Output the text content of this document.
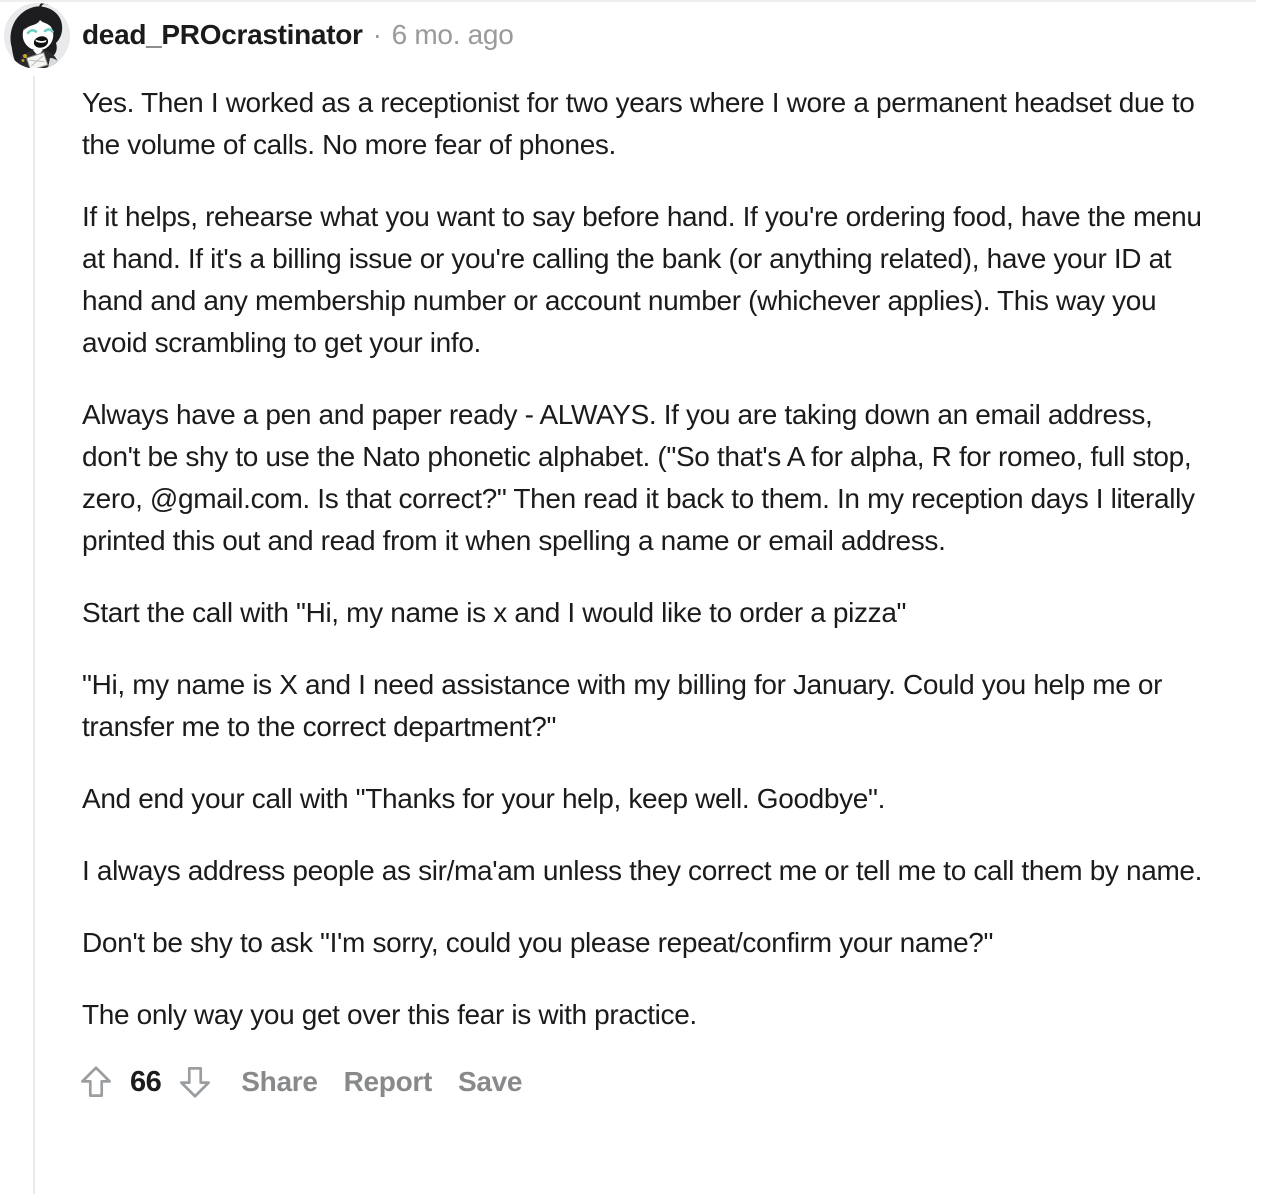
dead_PROcrastinator · 6 mo. ago

Yes. Then I worked as a receptionist for two years where I wore a permanent headset due to the volume of calls. No more fear of phones.

If it helps, rehearse what you want to say before hand. If you're ordering food, have the menu at hand. If it's a billing issue or you're calling the bank (or anything related), have your ID at hand and any membership number or account number (whichever applies). This way you avoid scrambling to get your info.

Always have a pen and paper ready - ALWAYS. If you are taking down an email address, don't be shy to use the Nato phonetic alphabet. ("So that's A for alpha, R for romeo, full stop, zero, @gmail.com. Is that correct?" Then read it back to them. In my reception days I literally printed this out and read from it when spelling a name or email address.

Start the call with "Hi, my name is x and I would like to order a pizza"

"Hi, my name is X and I need assistance with my billing for January. Could you help me or transfer me to the correct department?"

And end your call with "Thanks for your help, keep well. Goodbye".

I always address people as sir/ma'am unless they correct me or tell me to call them by name.

Don't be shy to ask "I'm sorry, could you please repeat/confirm your name?"

The only way you get over this fear is with practice.

66	Share Report Save
